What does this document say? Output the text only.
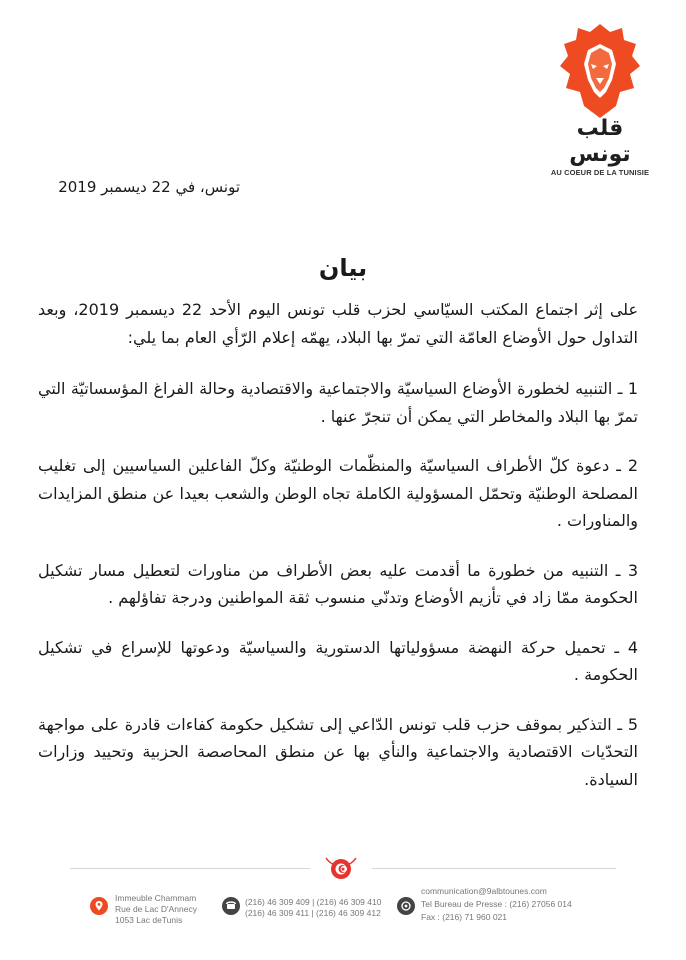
قلب تونس
AU COEUR DE LA TUNISIE
تونس، في 22 ديسمبر 2019
بيان

على إثر اجتماع المكتب السيّاسي لحزب قلب تونس اليوم الأحد 22 ديسمبر 2019، وبعد التداول حول الأوضاع العامّة التي تمرّ بها البلاد، يهمّه إعلام الرّأي العام بما يلي:

1 ـ التنبيه لخطورة الأوضاع السياسيّة والاجتماعية والاقتصادية وحالة الفراغ المؤسساتيّة التي تمرّ بها البلاد والمخاطر التي يمكن أن تنجرّ عنها .

2 ـ دعوة كلّ الأطراف السياسيّة والمنظّمات الوطنيّة وكلّ الفاعلين السياسيين إلى تغليب المصلحة الوطنيّة وتحمّل المسؤولية الكاملة تجاه الوطن والشعب بعيدا عن منطق المزايدات والمناورات .

3 ـ التنبيه من خطورة ما أقدمت عليه بعض الأطراف من مناورات لتعطيل مسار تشكيل الحكومة ممّا زاد في تأزيم الأوضاع وتدنّي منسوب ثقة المواطنين ودرجة تفاؤلهم .

4 ـ تحميل حركة النهضة مسؤولياتها الدستورية والسياسيّة ودعوتها للإسراع في تشكيل الحكومة .

5 ـ التذكير بموقف حزب قلب تونس الدّاعي إلى تشكيل حكومة كفاءات قادرة على مواجهة التحدّيات الاقتصادية والاجتماعية والنأي بها عن منطق المحاصصة الحزبية وتحييد وزارات السيادة.

Immeuble Chammam
Rue de Lac D'Annecy
1053 Lac deTunis
(216) 46 309 409 | (216) 46 309 410
(216) 46 309 411 | (216) 46 309 412
communication@9albtounes.com
Tel Bureau de Presse : (216) 27056 014
Fax : (216) 71 960 021
